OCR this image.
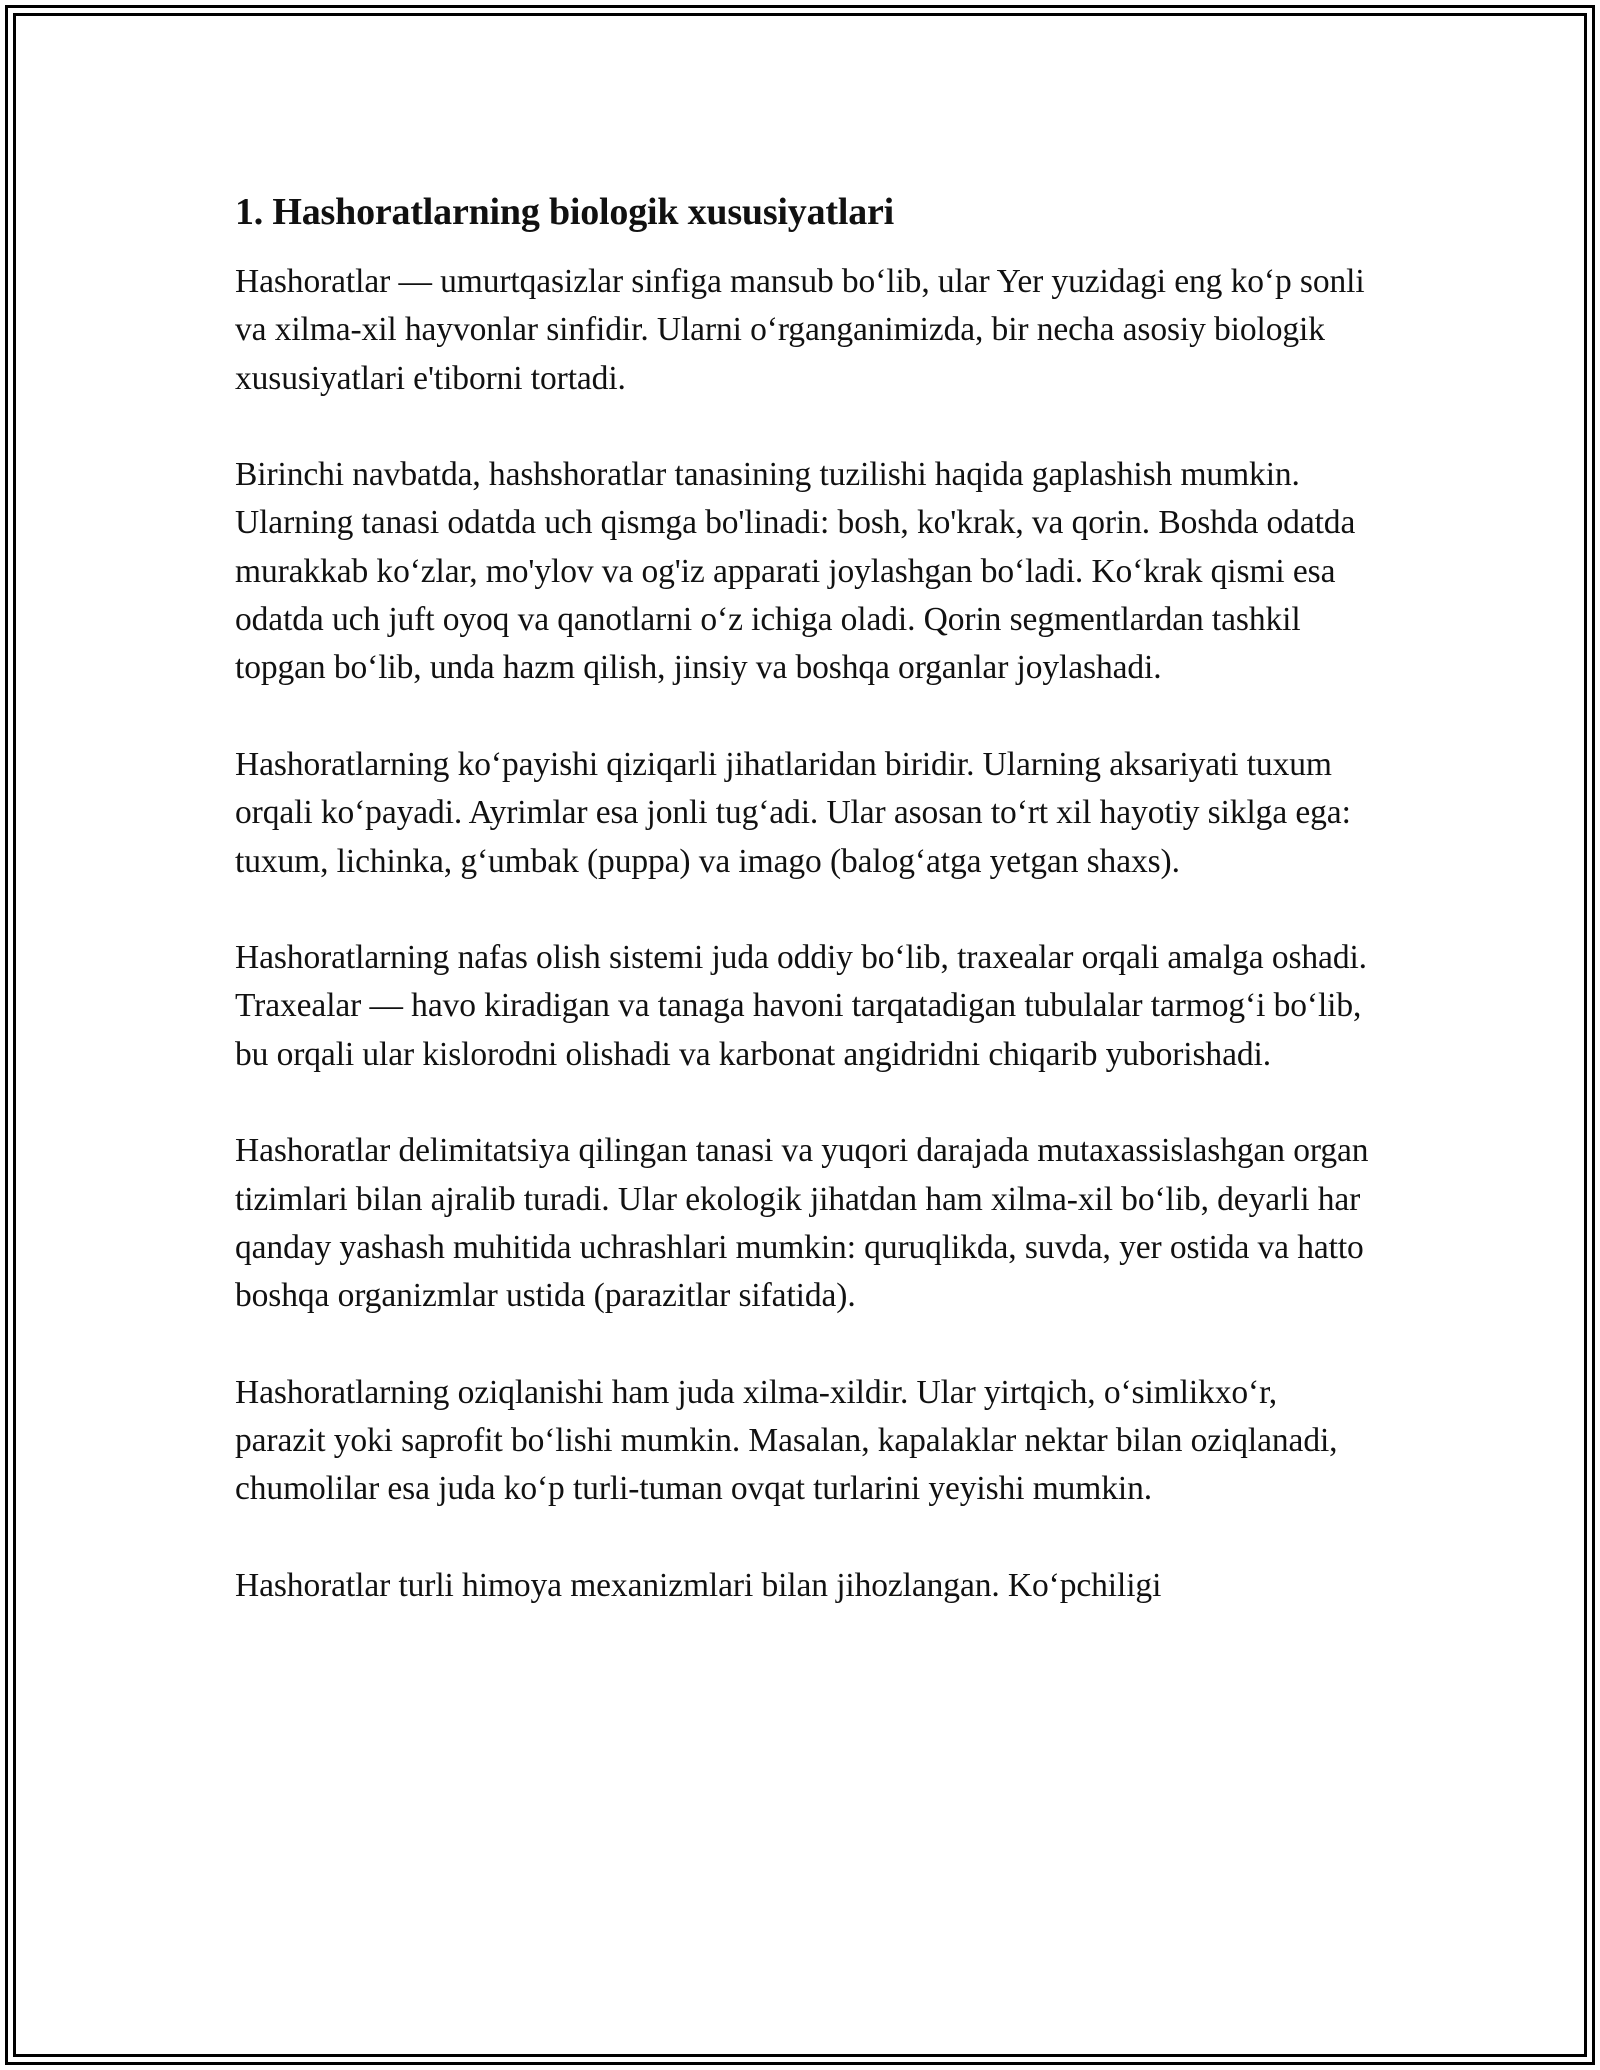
1. Hashoratlarning biologik xususiyatlari

Hashoratlar — umurtqasizlar sinfiga mansub bo‘lib, ular Yer yuzidagi eng ko‘p sonli va xilma-xil hayvonlar sinfidir. Ularni o‘rganganimizda, bir necha asosiy biologik xususiyatlari e'tiborni tortadi.

Birinchi navbatda, hashshoratlar tanasining tuzilishi haqida gaplashish mumkin. Ularning tanasi odatda uch qismga bo'linadi: bosh, ko'krak, va qorin. Boshda odatda murakkab ko‘zlar, mo'ylov va og'iz apparati joylashgan bo‘ladi. Ko‘krak qismi esa odatda uch juft oyoq va qanotlarni o‘z ichiga oladi. Qorin segmentlardan tashkil topgan bo‘lib, unda hazm qilish, jinsiy va boshqa organlar joylashadi.

Hashoratlarning ko‘payishi qiziqarli jihatlaridan biridir. Ularning aksariyati tuxum orqali ko‘payadi. Ayrimlar esa jonli tug‘adi. Ular asosan to‘rt xil hayotiy siklga ega: tuxum, lichinka, g‘umbak (puppa) va imago (balog‘atga yetgan shaxs).

Hashoratlarning nafas olish sistemi juda oddiy bo‘lib, traxealar orqali amalga oshadi. Traxealar — havo kiradigan va tanaga havoni tarqatadigan tubulalar tarmog‘i bo‘lib, bu orqali ular kislorodni olishadi va karbonat angidridni chiqarib yuborishadi.

Hashoratlar delimitatsiya qilingan tanasi va yuqori darajada mutaxassislashgan organ tizimlari bilan ajralib turadi. Ular ekologik jihatdan ham xilma-xil bo‘lib, deyarli har qanday yashash muhitida uchrashlari mumkin: quruqlikda, suvda, yer ostida va hatto boshqa organizmlar ustida (parazitlar sifatida).

Hashoratlarning oziqlanishi ham juda xilma-xildir. Ular yirtqich, o‘simlikxo‘r, parazit yoki saprofit bo‘lishi mumkin. Masalan, kapalaklar nektar bilan oziqlanadi, chumolilar esa juda ko‘p turli-tuman ovqat turlarini yeyishi mumkin.

Hashoratlar turli himoya mexanizmlari bilan jihozlangan. Ko‘pchiligi
